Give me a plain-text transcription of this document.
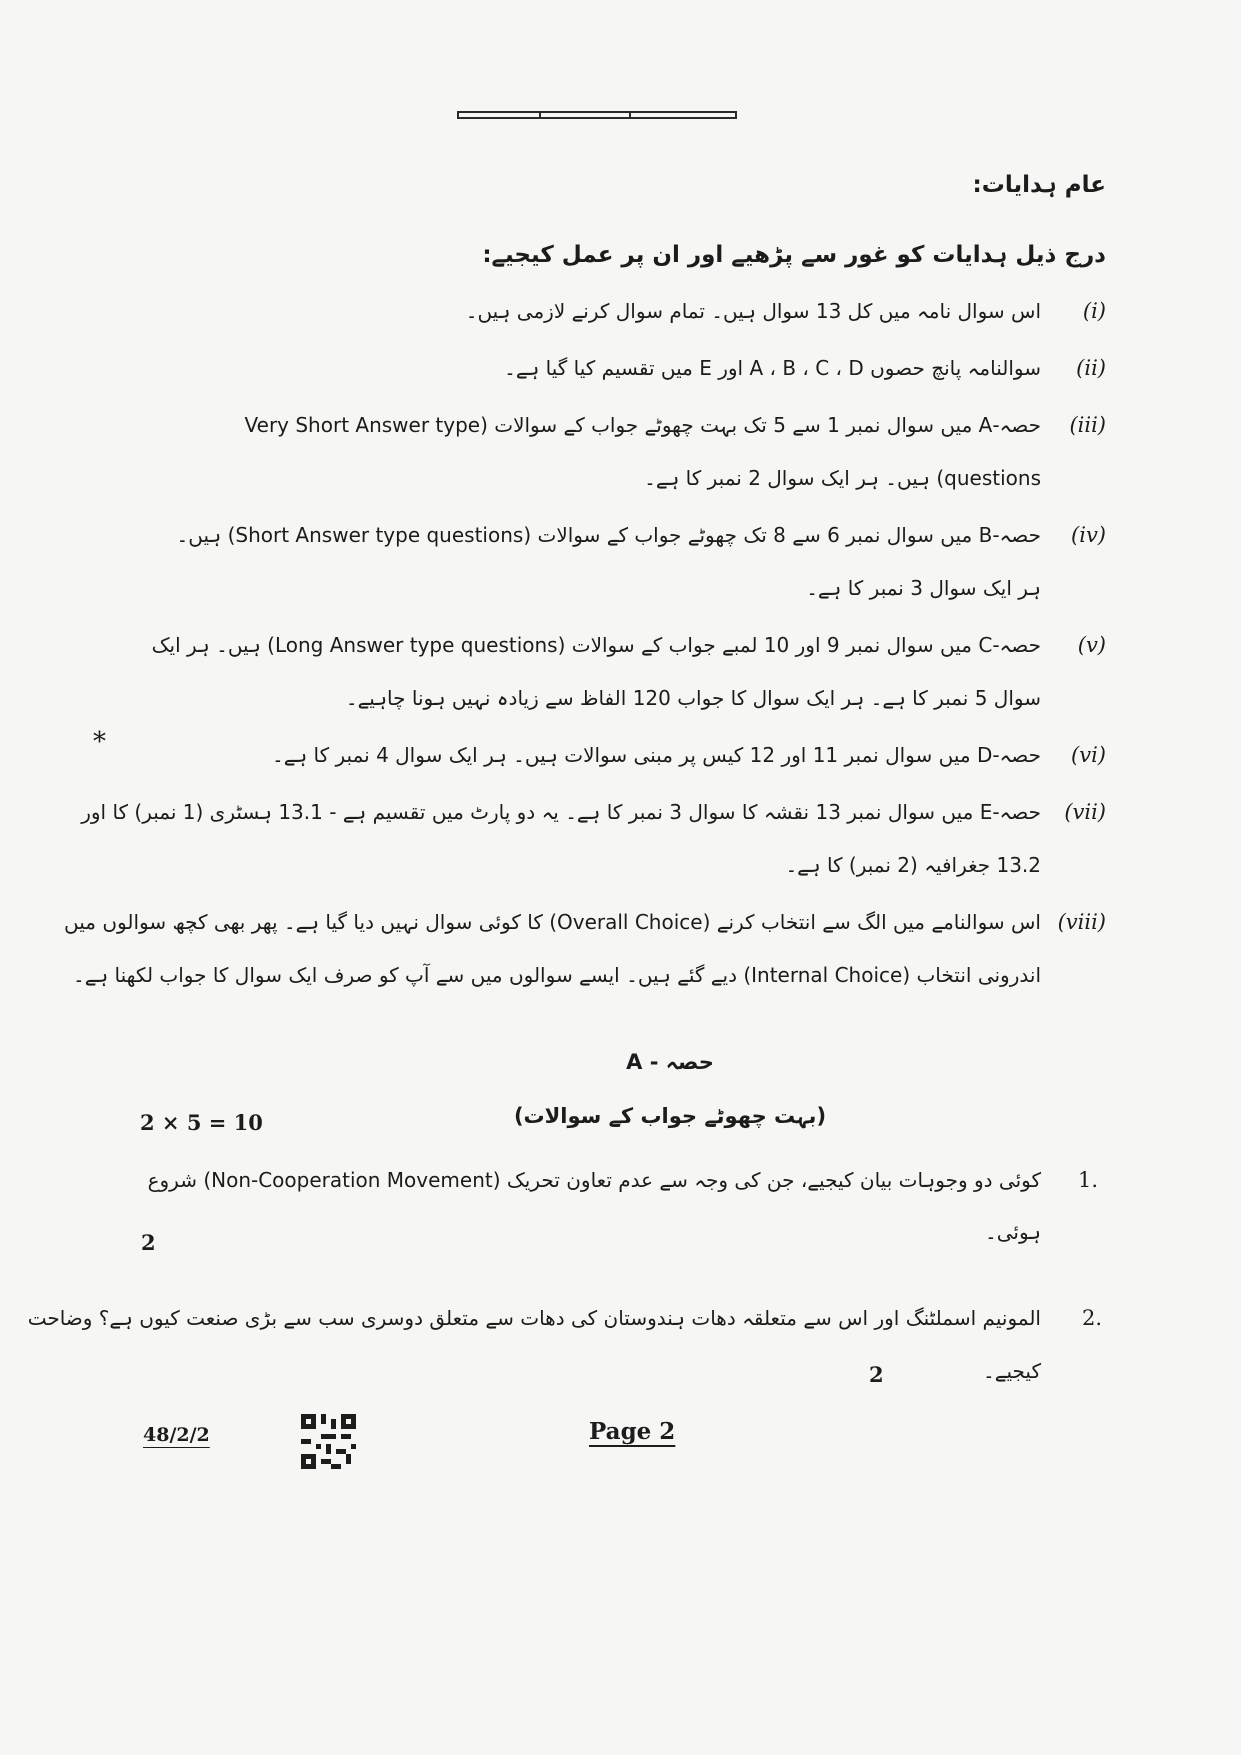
عام ہدایات:
درج ذیل ہدایات کو غور سے پڑھیے اور ان پر عمل کیجیے:
(i)
اس سوال نامہ میں کل 13 سوال ہیں۔ تمام سوال کرنے لازمی ہیں۔
(ii)
سوالنامہ پانچ حصوں A ، B ، C ، D اور E میں تقسیم کیا گیا ہے۔
(iii)
حصہ-A میں سوال نمبر 1 سے 5 تک بہت چھوٹے جواب کے سوالات (Very Short Answer type
questions) ہیں۔ ہر ایک سوال 2 نمبر کا ہے۔
(iv)
حصہ-B میں سوال نمبر 6 سے 8 تک چھوٹے جواب کے سوالات (Short Answer type questions) ہیں۔
ہر ایک سوال 3 نمبر کا ہے۔
(v)
حصہ-C میں سوال نمبر 9 اور 10 لمبے جواب کے سوالات (Long Answer type questions) ہیں۔ ہر ایک
سوال 5 نمبر کا ہے۔ ہر ایک سوال کا جواب 120 الفاظ سے زیادہ نہیں ہونا چاہیے۔
(vi)
حصہ-D میں سوال نمبر 11 اور 12 کیس پر مبنی سوالات ہیں۔ ہر ایک سوال 4 نمبر کا ہے۔
(vii)
حصہ-E میں سوال نمبر 13 نقشہ کا سوال 3 نمبر کا ہے۔ یہ دو پارٹ میں تقسیم ہے - 13.1 ہسٹری (1 نمبر) کا اور
13.2 جغرافیہ (2 نمبر) کا ہے۔
(viii)
اس سوالنامے میں الگ سے انتخاب کرنے (Overall Choice) کا کوئی سوال نہیں دیا گیا ہے۔ پھر بھی کچھ سوالوں میں
اندرونی انتخاب (Internal Choice) دیے گئے ہیں۔ ایسے سوالوں میں سے آپ کو صرف ایک سوال کا جواب لکھنا ہے۔
*
حصہ - A
(بہت چھوٹے جواب کے سوالات)
2 × 5 = 10
1.
کوئی دو وجوہات بیان کیجیے، جن کی وجہ سے عدم تعاون تحریک (Non-Cooperation Movement) شروع
ہوئی۔
2
2.
المونیم اسملٹنگ اور اس سے متعلقہ دھات ہندوستان کی دھات سے متعلق دوسری سب سے بڑی صنعت کیوں ہے؟ وضاحت
کیجیے۔
2
48/2/2	Page 2
